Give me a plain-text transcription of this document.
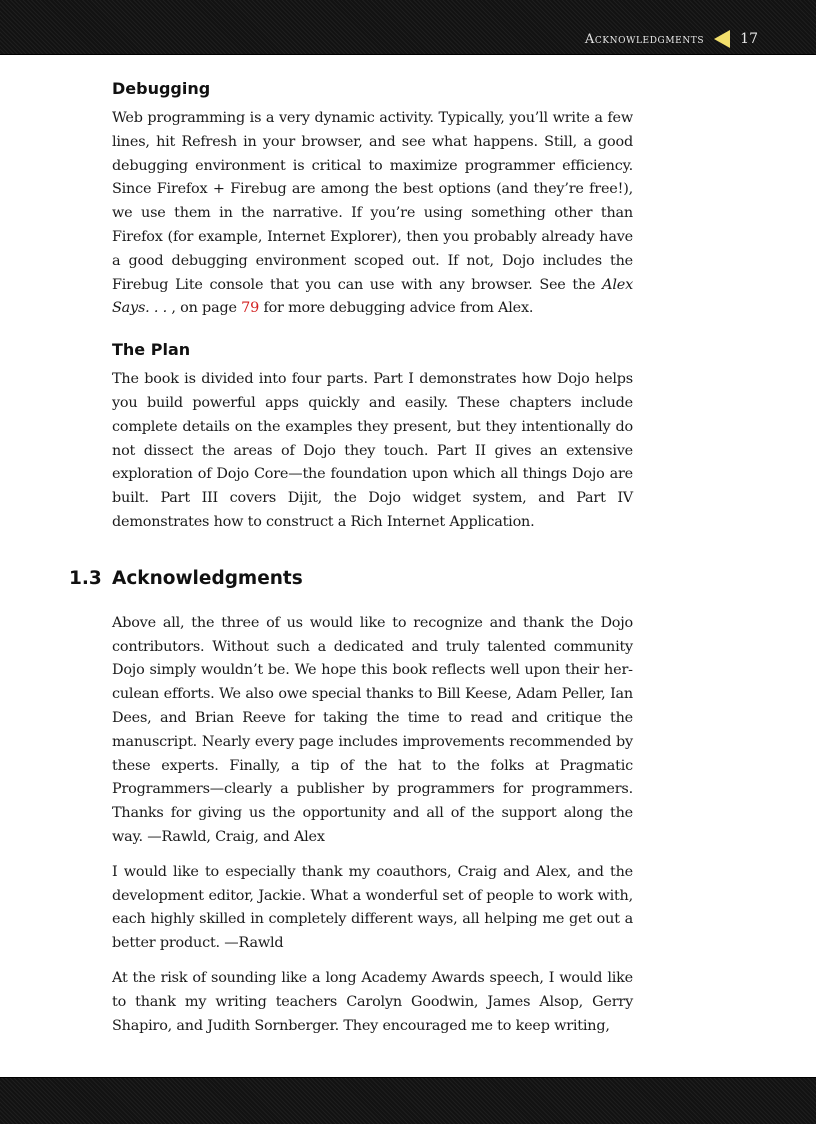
Acknowledgments	17
Debugging

Web programming is a very dynamic activity. Typically, you’ll write a few lines, hit Refresh in your browser, and see what happens. Still, a good debugging environment is critical to maximize programmer efficiency. Since Firefox + Firebug are among the best options (and they’re free!), we use them in the narrative. If you’re using something other than Firefox (for example, Internet Explorer), then you probably already have a good debugging environment scoped out. If not, Dojo includes the Firebug Lite console that you can use with any browser. See the Alex Says. . . , on page 79 for more debugging advice from Alex.

The Plan

The book is divided into four parts. Part I demonstrates how Dojo helps you build powerful apps quickly and easily. These chapters include complete details on the examples they present, but they intentionally do not dissect the areas of Dojo they touch. Part II gives an extensive exploration of Dojo Core—the foundation upon which all things Dojo are built. Part III covers Dijit, the Dojo widget system, and Part IV demonstrates how to construct a Rich Internet Application.

1.3 Acknowledgments

Above all, the three of us would like to recognize and thank the Dojo contributors. Without such a dedicated and truly talented community Dojo simply wouldn’t be. We hope this book reflects well upon their herculean efforts. We also owe special thanks to Bill Keese, Adam Peller, Ian Dees, and Brian Reeve for taking the time to read and critique the manuscript. Nearly every page includes improvements recommended by these experts. Finally, a tip of the hat to the folks at Pragmatic Programmers—clearly a publisher by programmers for programmers. Thanks for giving us the opportunity and all of the support along the way. —Rawld, Craig, and Alex

I would like to especially thank my coauthors, Craig and Alex, and the development editor, Jackie. What a wonderful set of people to work with, each highly skilled in completely different ways, all helping me get out a better product. —Rawld

At the risk of sounding like a long Academy Awards speech, I would like to thank my writing teachers Carolyn Goodwin, James Alsop, Gerry Shapiro, and Judith Sornberger. They encouraged me to keep writing,
